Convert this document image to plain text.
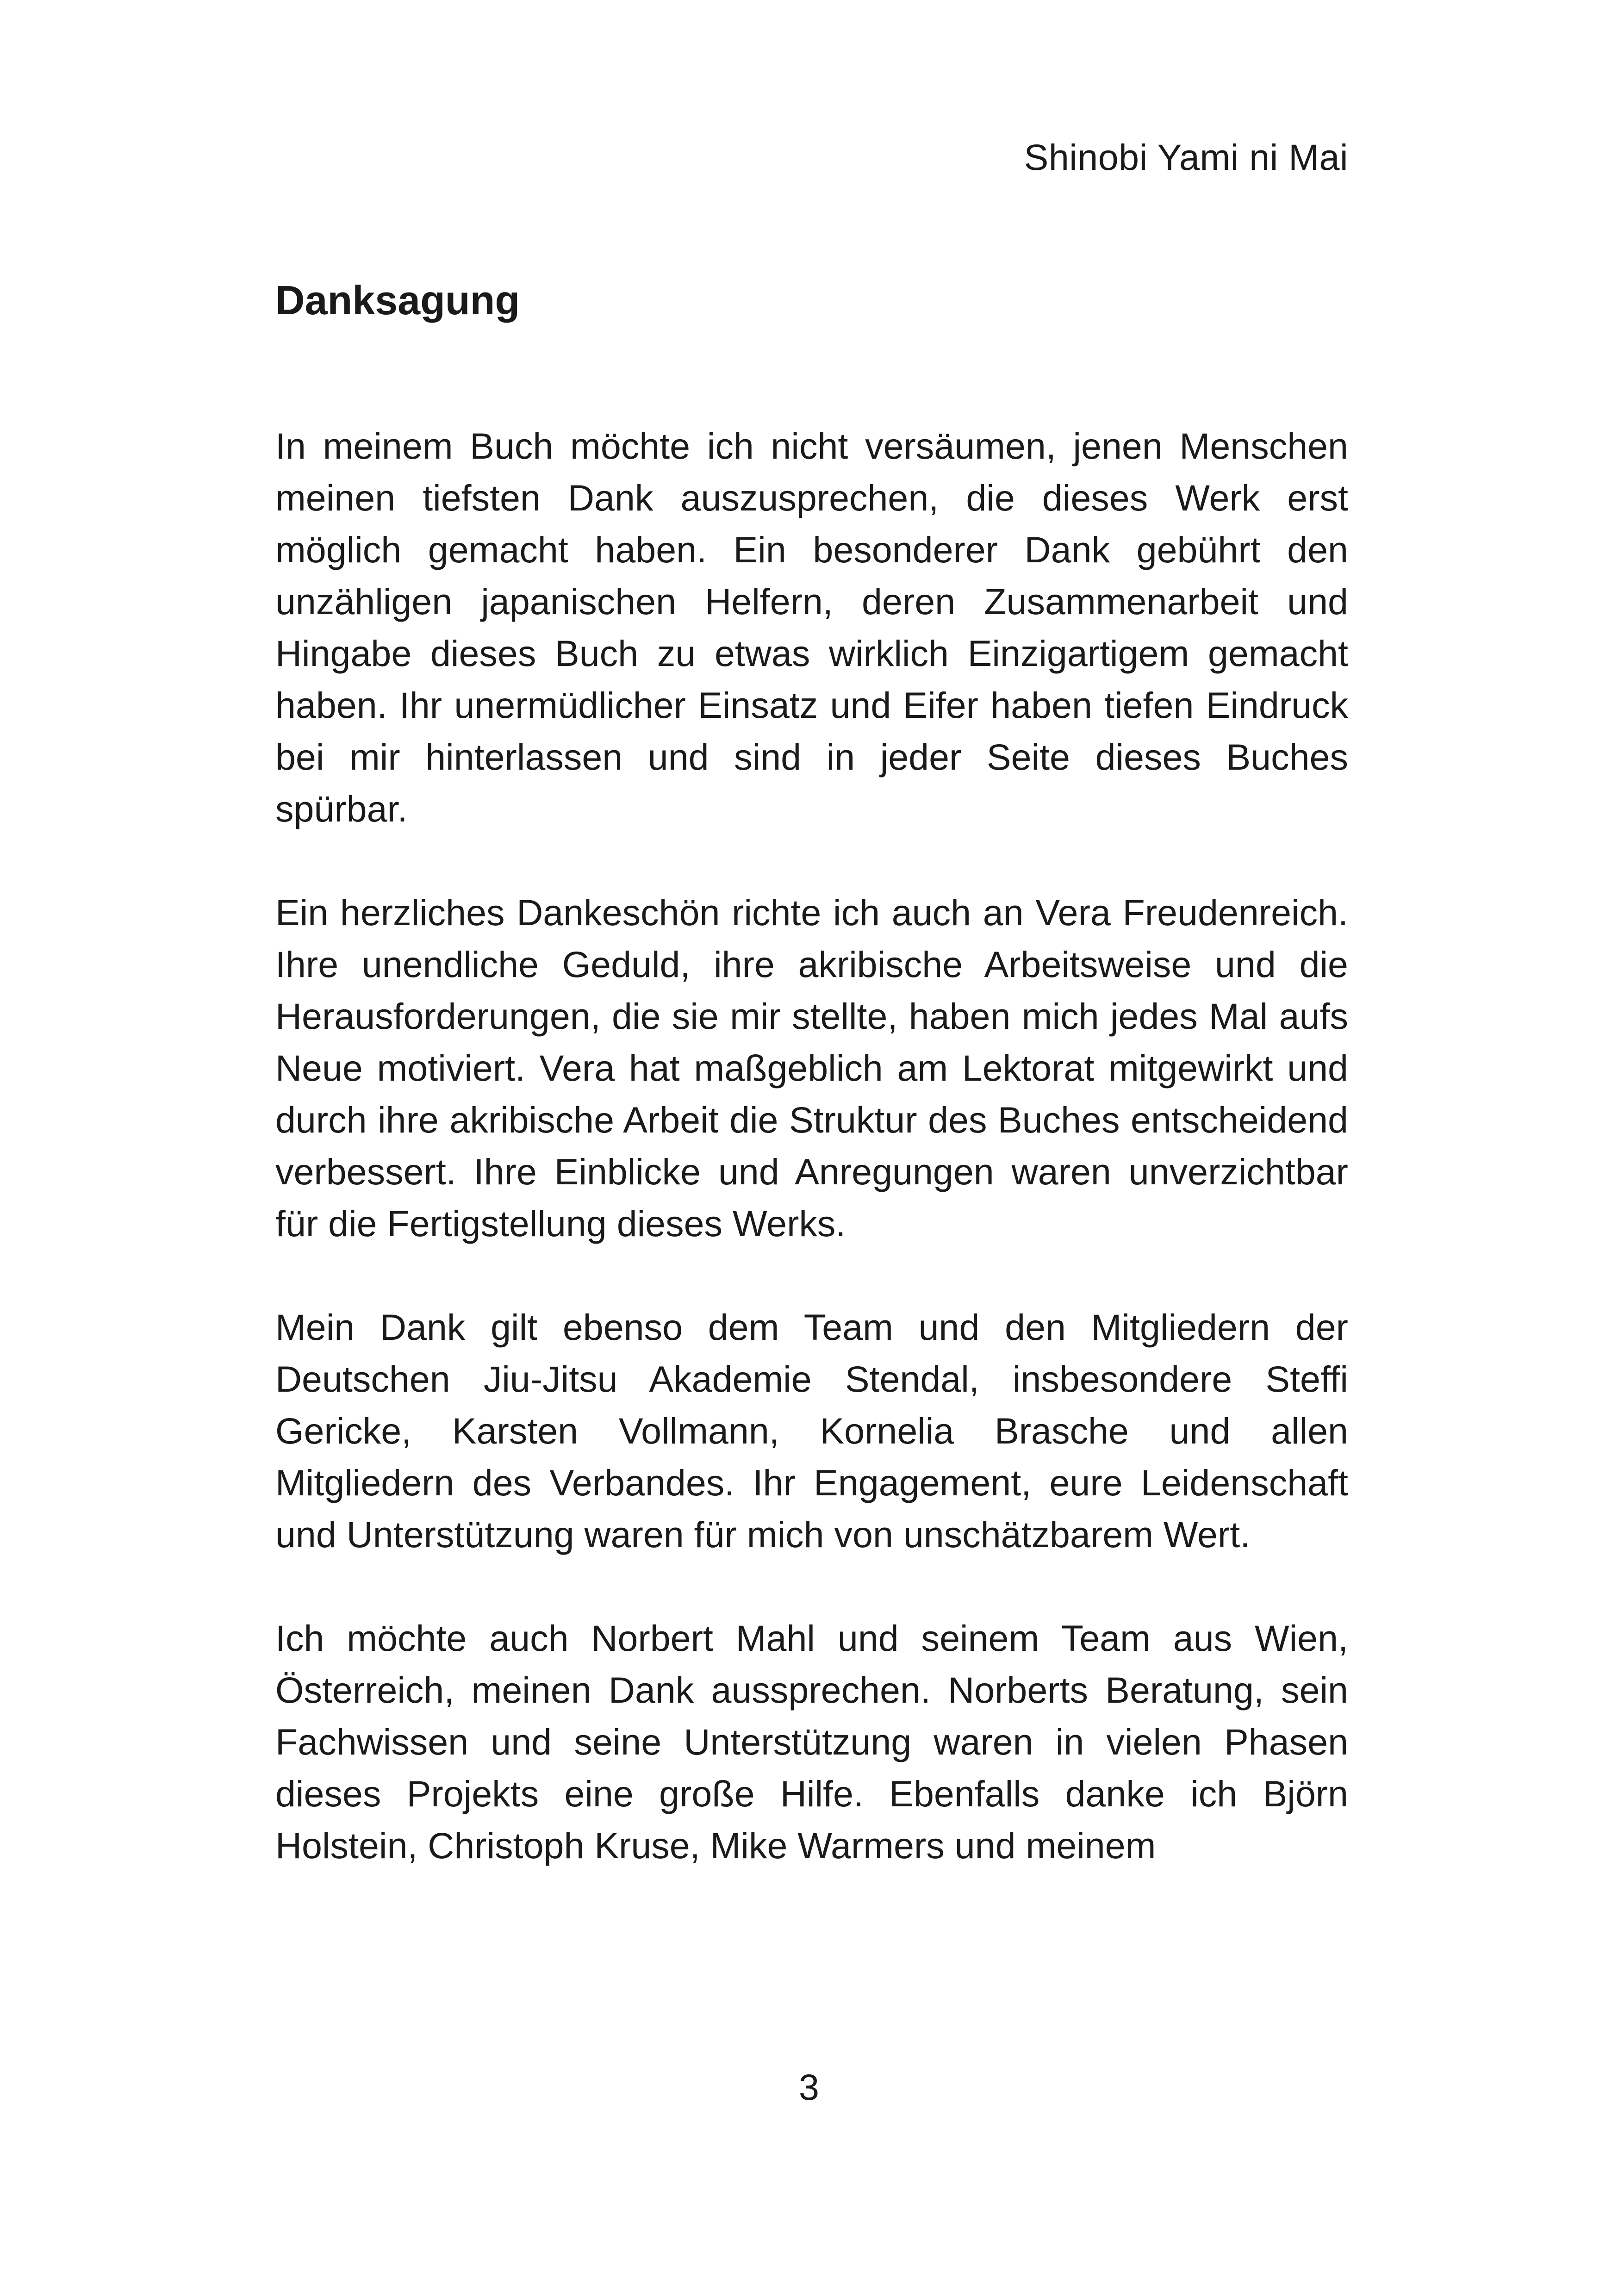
Shinobi Yami ni Mai
Danksagung

In meinem Buch möchte ich nicht versäumen, jenen Menschen meinen tiefsten Dank auszusprechen, die dieses Werk erst möglich gemacht haben. Ein besonderer Dank gebührt den unzähligen japanischen Helfern, deren Zusammenarbeit und Hingabe dieses Buch zu etwas wirklich Einzigartigem gemacht haben. Ihr unermüdlicher Einsatz und Eifer haben tiefen Eindruck bei mir hinterlassen und sind in jeder Seite dieses Buches spürbar.

Ein herzliches Dankeschön richte ich auch an Vera Freudenreich. Ihre unendliche Geduld, ihre akribische Arbeitsweise und die Herausforderungen, die sie mir stellte, haben mich jedes Mal aufs Neue motiviert. Vera hat maßgeblich am Lektorat mitgewirkt und durch ihre akribische Arbeit die Struktur des Buches entscheidend verbessert. Ihre Einblicke und Anregungen waren unverzichtbar für die Fertigstellung dieses Werks.

Mein Dank gilt ebenso dem Team und den Mitgliedern der Deutschen Jiu-Jitsu Akademie Stendal, insbesondere Steffi Gericke, Karsten Vollmann, Kornelia Brasche und allen Mitgliedern des Verbandes. Ihr Engagement, eure Leidenschaft und Unterstützung waren für mich von unschätzbarem Wert.

Ich möchte auch Norbert Mahl und seinem Team aus Wien, Österreich, meinen Dank aussprechen. Norberts Beratung, sein Fachwissen und seine Unterstützung waren in vielen Phasen dieses Projekts eine große Hilfe. Ebenfalls danke ich Björn Holstein, Christoph Kruse, Mike Warmers und meinem

3
